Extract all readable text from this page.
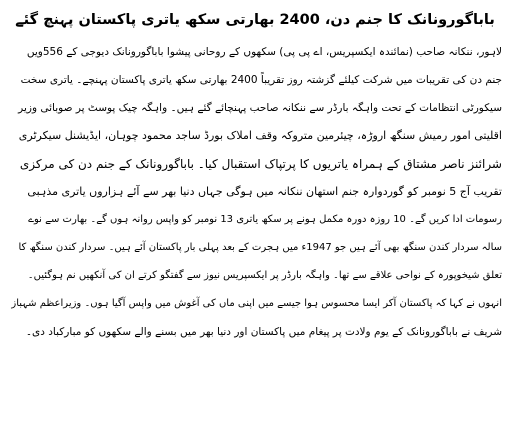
باباگورونانک کا جنم دن، 2400 بھارتی سکھ یاتری پاکستان پہنچ گئے
لاہور، ننکانہ صاحب (نمائندہ ایکسپریس، اے پی پی) سکھوں کے روحانی پیشوا باباگورونانک دیوجی کے 556ویں
جنم دن کی تقریبات میں شرکت کیلئے گزشتہ روز تقریباً 2400 بھارتی سکھ یاتری پاکستان پہنچے۔ یاتری سخت
سیکورٹی انتظامات کے تحت واہگہ بارڈر سے ننکانہ صاحب پہنچائے گئے ہیں۔ واہگہ چیک پوسٹ پر صوبائی وزیر
اقلیتی امور رمیش سنگھ اروڑہ، چیئرمین متروکہ وقف املاک بورڈ ساجد محمود چوہان، ایڈیشنل سیکرٹری
شرائنز ناصر مشتاق کے ہمراہ یاتریوں کا پرتپاک استقبال کیا۔ باباگورونانک کے جنم دن کی مرکزی
تقریب آج 5 نومبر کو گوردوارہ جنم استھان ننکانہ میں ہوگی جہاں دنیا بھر سے آئے ہزاروں یاتری مذہبی
رسومات ادا کریں گے۔ 10 روزہ دورہ مکمل ہونے پر سکھ یاتری 13 نومبر کو واپس روانہ ہوں گے۔ بھارت سے نوے
سالہ سردار کندن سنگھ بھی آئے ہیں جو 1947ء میں ہجرت کے بعد پہلی بار پاکستان آئے ہیں۔ سردار کندن سنگھ کا
تعلق شیخوپورہ کے نواحی علاقے سے تھا۔ واہگہ بارڈر پر ایکسپریس نیوز سے گفتگو کرتے ان کی آنکھیں نم ہوگئیں۔
انہوں نے کہا کہ پاکستان آکر ایسا محسوس ہوا جیسے میں اپنی ماں کی آغوش میں واپس آگیا ہوں۔ وزیراعظم شہباز
شریف نے باباگورونانک کے یوم ولادت پر پیغام میں پاکستان اور دنیا بھر میں بسنے والے سکھوں کو مبارکباد دی۔
